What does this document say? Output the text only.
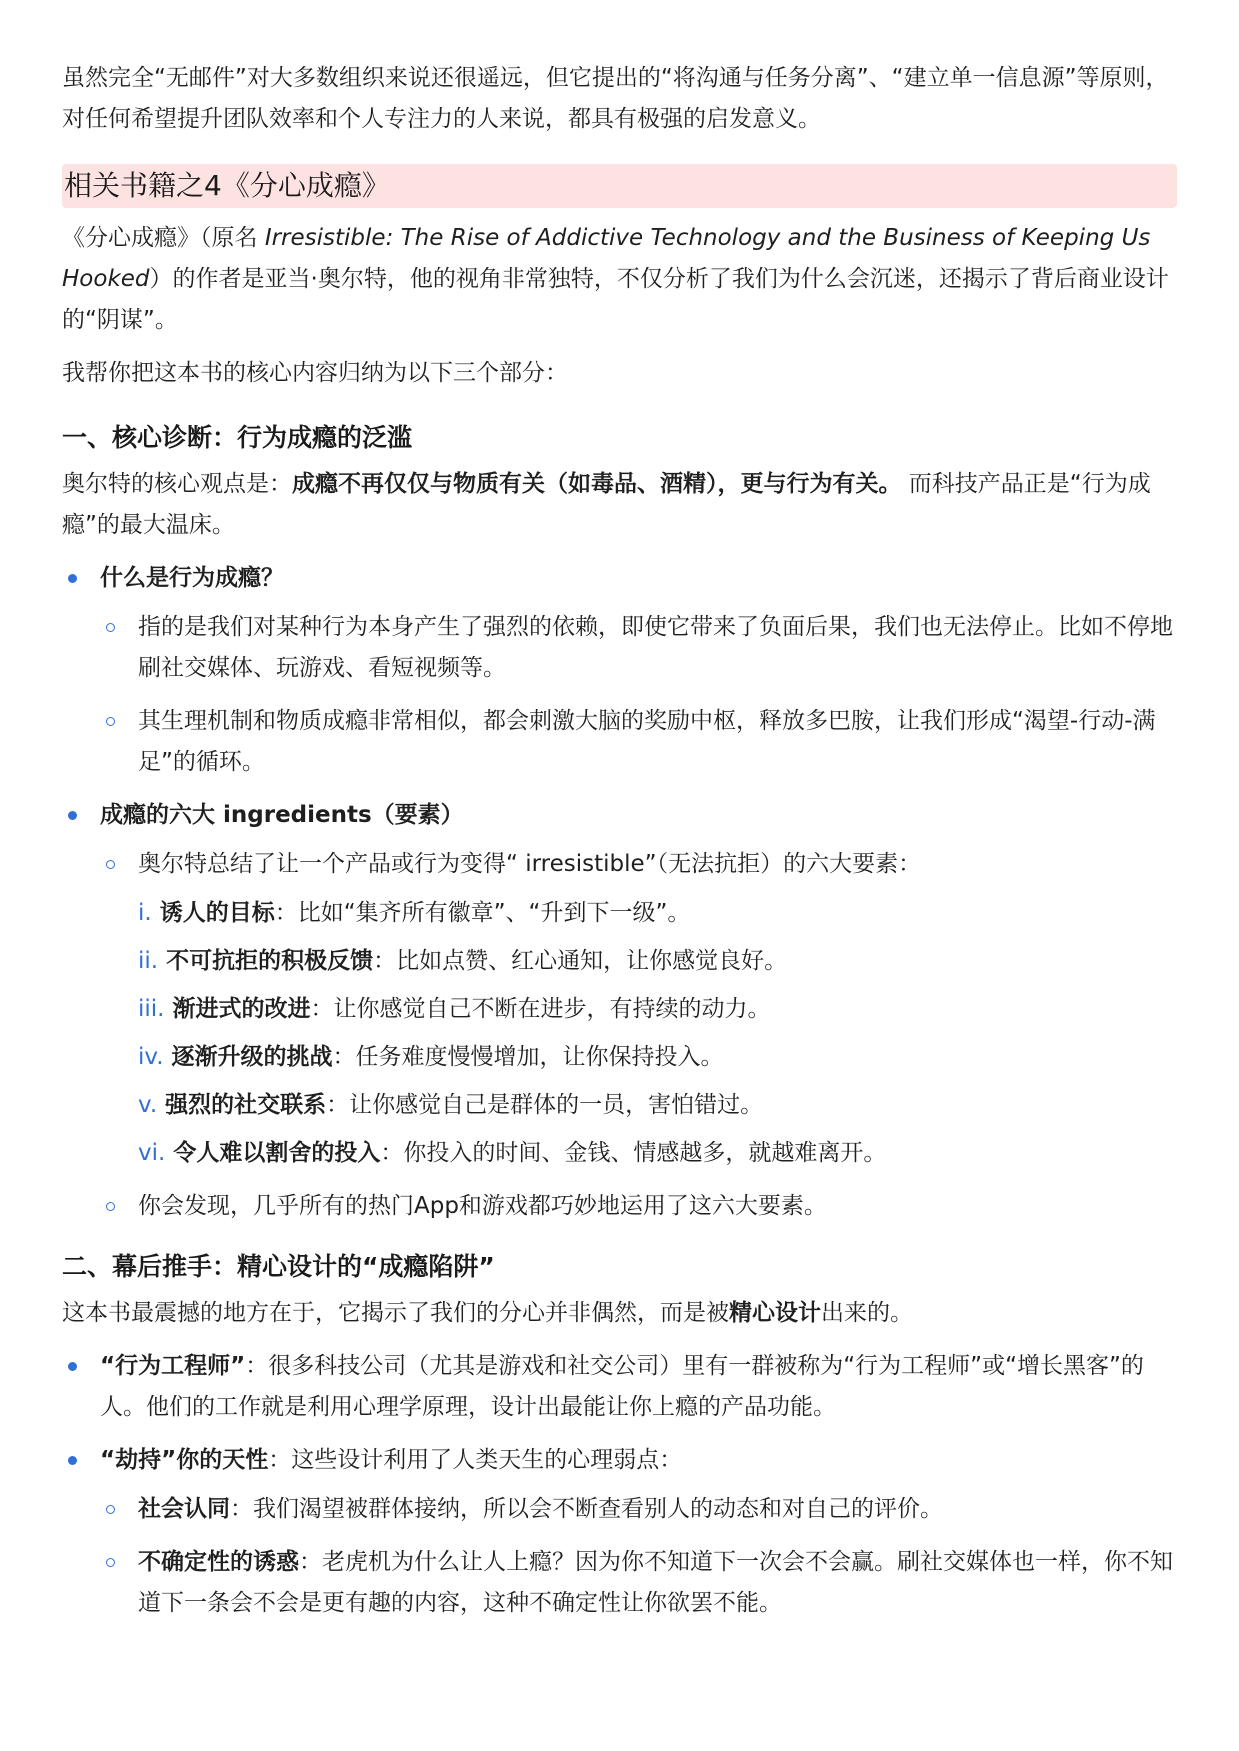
虽然完全“无邮件”对大多数组织来说还很遥远，但它提出的“将沟通与任务分离”、“建立单一信息源”等原则，对任何希望提升团队效率和个人专注力的人来说，都具有极强的启发意义。

相关书籍之4《分心成瘾》

《分心成瘾》（原名 Irresistible: The Rise of Addictive Technology and the Business of Keeping Us Hooked）的作者是亚当·奥尔特，他的视角非常独特，不仅分析了我们为什么会沉迷，还揭示了背后商业设计的“阴谋”。

我帮你把这本书的核心内容归纳为以下三个部分：

一、核心诊断：行为成瘾的泛滥

奥尔特的核心观点是：成瘾不再仅仅与物质有关（如毒品、酒精），更与行为有关。 而科技产品正是“行为成瘾”的最大温床。

什么是行为成瘾？
指的是我们对某种行为本身产生了强烈的依赖，即使它带来了负面后果，我们也无法停止。比如不停地刷社交媒体、玩游戏、看短视频等。
其生理机制和物质成瘾非常相似，都会刺激大脑的奖励中枢，释放多巴胺，让我们形成“渴望-行动-满足”的循环。
成瘾的六大 ingredients（要素）
奥尔特总结了让一个产品或行为变得“ irresistible”（无法抗拒）的六大要素：
i. 诱人的目标：比如“集齐所有徽章”、“升到下一级”。
ii. 不可抗拒的积极反馈：比如点赞、红心通知，让你感觉良好。
iii. 渐进式的改进：让你感觉自己不断在进步，有持续的动力。
iv. 逐渐升级的挑战：任务难度慢慢增加，让你保持投入。
v. 强烈的社交联系：让你感觉自己是群体的一员，害怕错过。
vi. 令人难以割舍的投入：你投入的时间、金钱、情感越多，就越难离开。
你会发现，几乎所有的热门App和游戏都巧妙地运用了这六大要素。
二、幕后推手：精心设计的“成瘾陷阱”

这本书最震撼的地方在于，它揭示了我们的分心并非偶然，而是被精心设计出来的。

“行为工程师”：很多科技公司（尤其是游戏和社交公司）里有一群被称为“行为工程师”或“增长黑客”的人。他们的工作就是利用心理学原理，设计出最能让你上瘾的产品功能。
“劫持”你的天性：这些设计利用了人类天生的心理弱点：
社会认同：我们渴望被群体接纳，所以会不断查看别人的动态和对自己的评价。
不确定性的诱惑：老虎机为什么让人上瘾？因为你不知道下一次会不会赢。刷社交媒体也一样，你不知道下一条会不会是更有趣的内容，这种不确定性让你欲罢不能。
